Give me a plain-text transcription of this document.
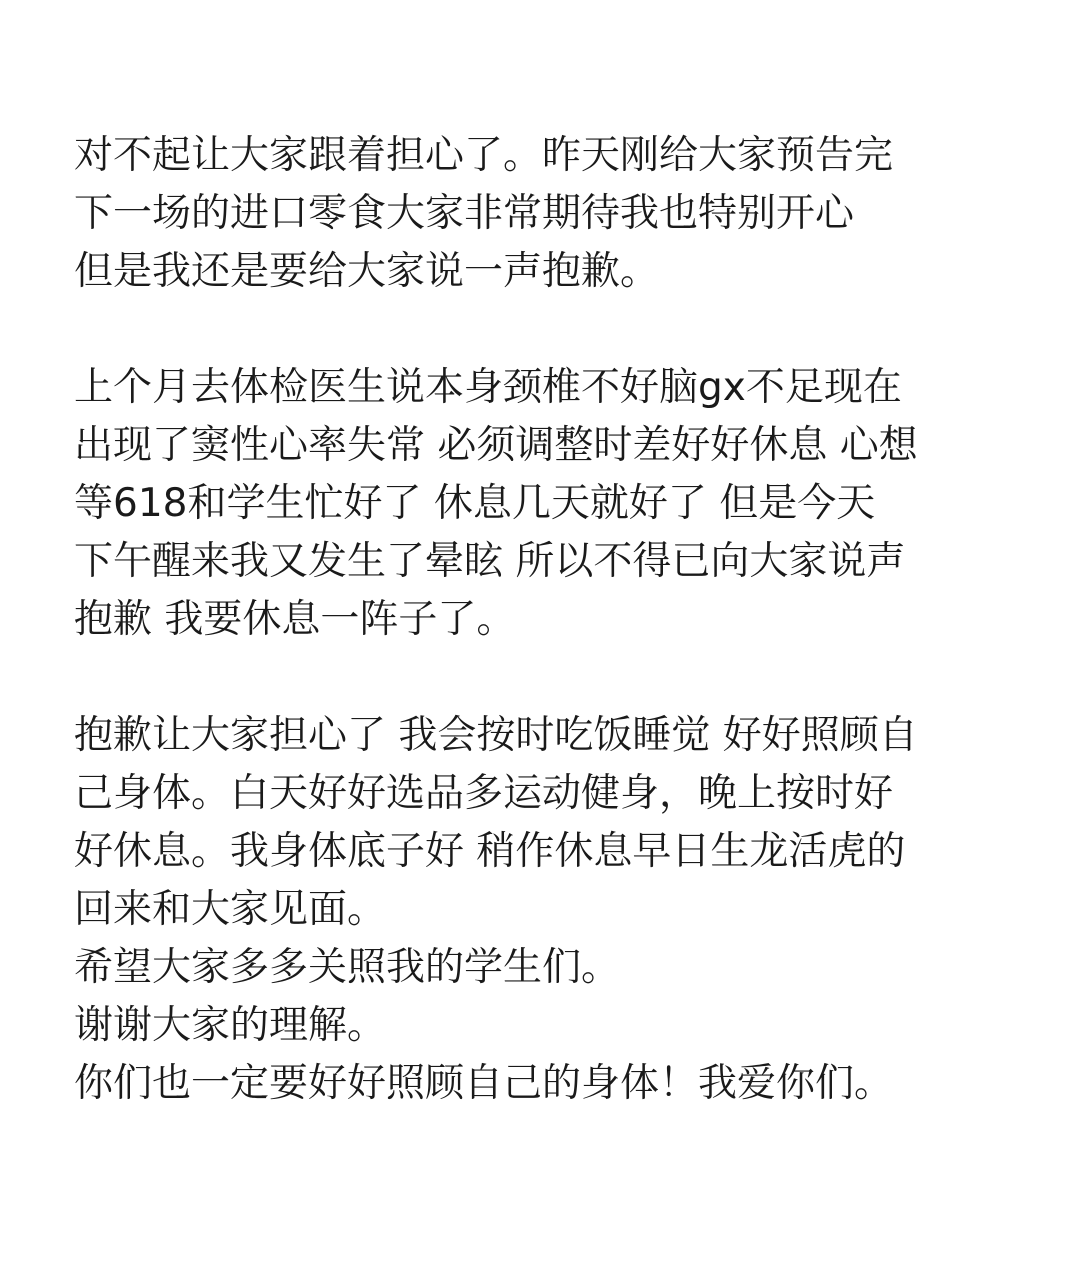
对不起让大家跟着担心了。昨天刚给大家预告完
下一场的进口零食大家非常期待我也特别开心
但是我还是要给大家说一声抱歉。
上个月去体检医生说本身颈椎不好脑gx不足现在
出现了窦性心率失常 必须调整时差好好休息 心想
等618和学生忙好了 休息几天就好了 但是今天
下午醒来我又发生了晕眩 所以不得已向大家说声
抱歉 我要休息一阵子了。
抱歉让大家担心了 我会按时吃饭睡觉 好好照顾自
己身体。白天好好选品多运动健身，晚上按时好
好休息。我身体底子好 稍作休息早日生龙活虎的
回来和大家见面。
希望大家多多关照我的学生们。
谢谢大家的理解。
你们也一定要好好照顾自己的身体！我爱你们。
